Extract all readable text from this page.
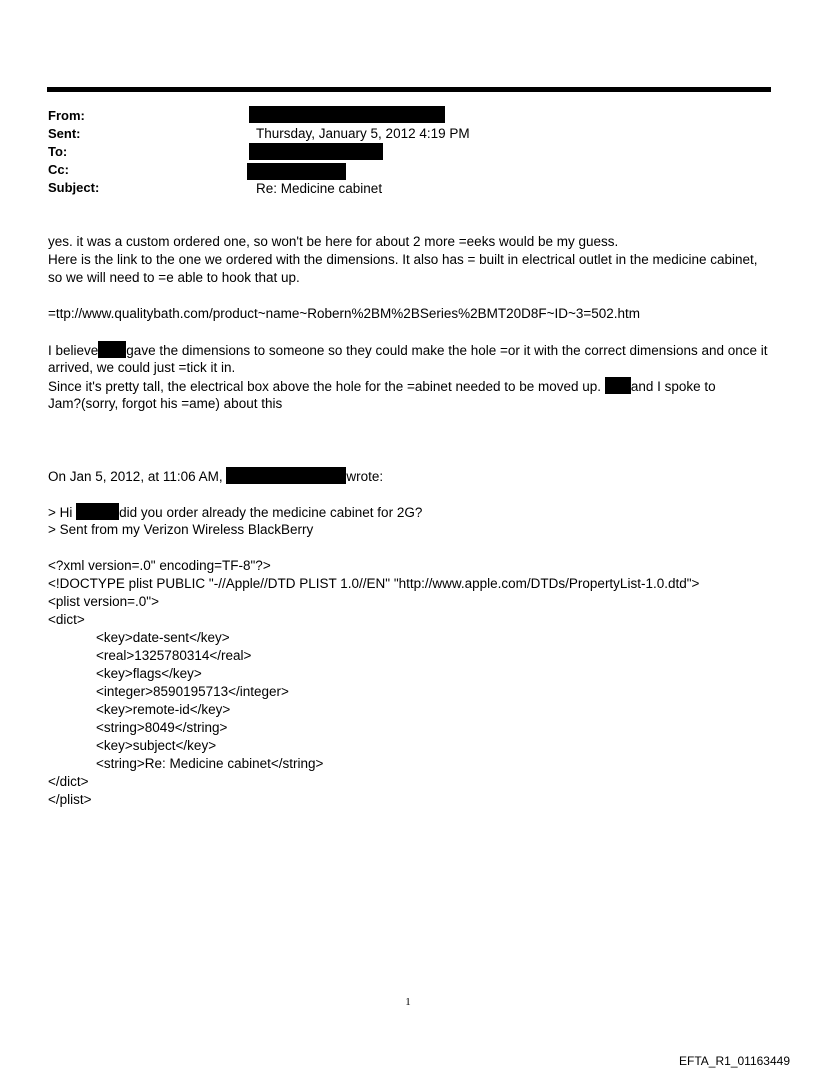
From:
Sent:
To:
Cc:
Subject:
Thursday, January 5, 2012 4:19 PM
Re: Medicine cabinet
yes. it was a custom ordered one, so won't be here for about 2 more =eeks would be my guess.
Here is the link to the one we ordered with the dimensions. It also has = built in electrical outlet in the medicine cabinet,
so we will need to =e able to hook that up.
=ttp://www.qualitybath.com/product~name~Robern%2BM%2BSeries%2BMT20D8F~ID~3=502.htm
I believe gave the dimensions to someone so they could make the hole =or it with the correct dimensions and once it
arrived, we could just =tick it in.
Since it's pretty tall, the electrical box above the hole for the =abinet needed to be moved up. and I spoke to
Jam?(sorry, forgot his =ame) about this
On Jan 5, 2012, at 11:06 AM,	wrote:
> Hi	did you order already the medicine cabinet for 2G?
> Sent from my Verizon Wireless BlackBerry
<?xml version=.0" encoding=TF-8"?>
<!DOCTYPE plist PUBLIC "-//Apple//DTD PLIST 1.0//EN" "http://www.apple.com/DTDs/PropertyList-1.0.dtd">
<plist version=.0">
<dict>
<key>date-sent</key>
<real>1325780314</real>
<key>flags</key>
<integer>8590195713</integer>
<key>remote-id</key>
<string>8049</string>
<key>subject</key>
<string>Re: Medicine cabinet</string>
</dict>
</plist>
1
EFTA_R1_01163449
